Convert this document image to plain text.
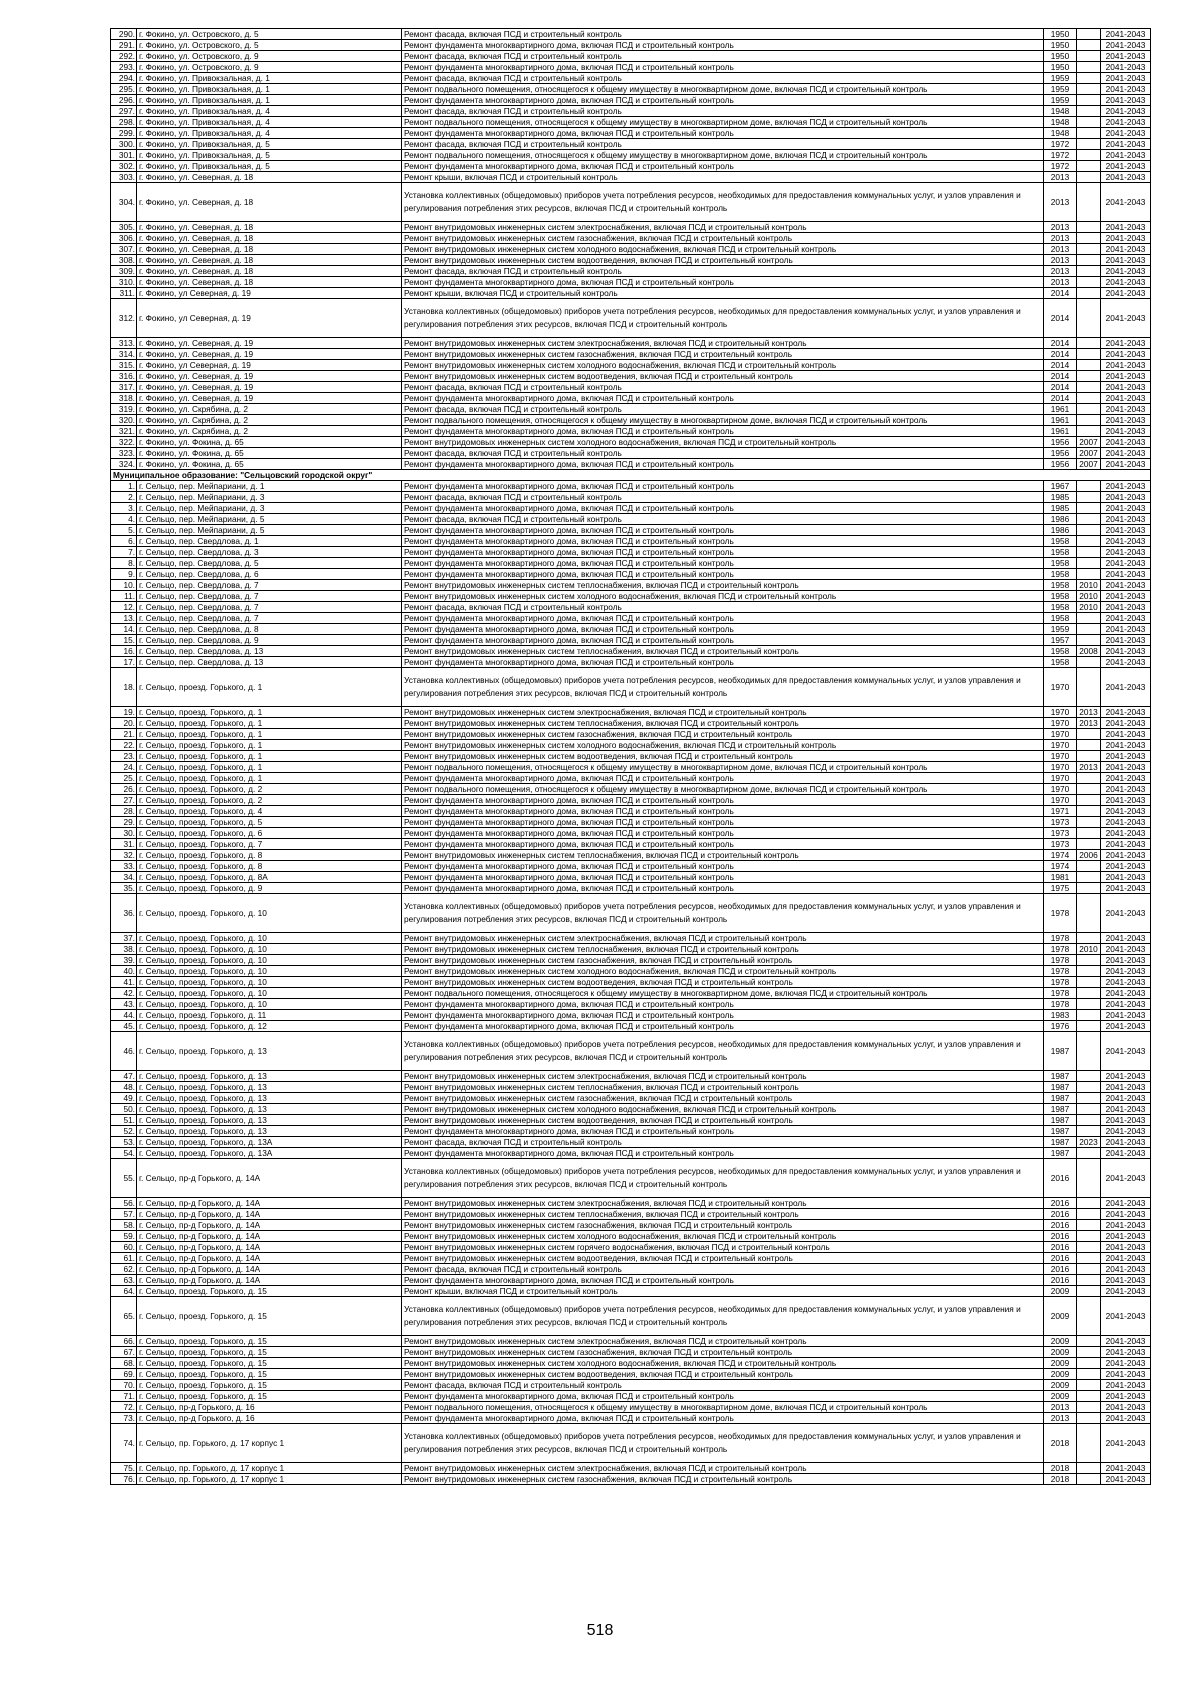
290.	г. Фокино, ул. Островского, д. 5	Ремонт фасада, включая ПСД и строительный контроль	1950		2041-2043
291.	г. Фокино, ул. Островского, д. 5	Ремонт фундамента многоквартирного дома, включая ПСД и строительный контроль	1950		2041-2043
292.	г. Фокино, ул. Островского, д. 9	Ремонт фасада, включая ПСД и строительный контроль	1950		2041-2043
293.	г. Фокино, ул. Островского, д. 9	Ремонт фундамента многоквартирного дома, включая ПСД и строительный контроль	1950		2041-2043
294.	г. Фокино, ул. Привокзальная, д. 1	Ремонт фасада, включая ПСД и строительный контроль	1959		2041-2043
295.	г. Фокино, ул. Привокзальная, д. 1	Ремонт подвального помещения, относящегося к общему имуществу в многоквартирном доме, включая ПСД и строительный контроль	1959		2041-2043
296.	г. Фокино, ул. Привокзальная, д. 1	Ремонт фундамента многоквартирного дома, включая ПСД и строительный контроль	1959		2041-2043
297.	г. Фокино, ул. Привокзальная, д. 4	Ремонт фасада, включая ПСД и строительный контроль	1948		2041-2043
298.	г. Фокино, ул. Привокзальная, д. 4	Ремонт подвального помещения, относящегося к общему имуществу в многоквартирном доме, включая ПСД и строительный контроль	1948		2041-2043
299.	г. Фокино, ул. Привокзальная, д. 4	Ремонт фундамента многоквартирного дома, включая ПСД и строительный контроль	1948		2041-2043
300.	г. Фокино, ул. Привокзальная, д. 5	Ремонт фасада, включая ПСД и строительный контроль	1972		2041-2043
301.	г. Фокино, ул. Привокзальная, д. 5	Ремонт подвального помещения, относящегося к общему имуществу в многоквартирном доме, включая ПСД и строительный контроль	1972		2041-2043
302.	г. Фокино, ул. Привокзальная, д. 5	Ремонт фундамента многоквартирного дома, включая ПСД и строительный контроль	1972		2041-2043
303.	г. Фокино, ул. Северная, д. 18	Ремонт крыши, включая ПСД и строительный контроль	2013		2041-2043
304.	г. Фокино, ул. Северная, д. 18	Установка коллективных (общедомовых) приборов учета потребления ресурсов, необходимых для предоставления коммунальных услуг, и узлов управления и регулирования потребления этих ресурсов, включая ПСД и строительный контроль	2013		2041-2043
305.	г. Фокино, ул. Северная, д. 18	Ремонт внутридомовых инженерных систем электроснабжения, включая ПСД и строительный контроль	2013		2041-2043
306.	г. Фокино, ул. Северная, д. 18	Ремонт внутридомовых инженерных систем газоснабжения, включая ПСД и строительный контроль	2013		2041-2043
307.	г. Фокино, ул. Северная, д. 18	Ремонт внутридомовых инженерных систем холодного водоснабжения, включая ПСД и строительный контроль	2013		2041-2043
308.	г. Фокино, ул. Северная, д. 18	Ремонт внутридомовых инженерных систем водоотведения, включая ПСД и строительный контроль	2013		2041-2043
309.	г. Фокино, ул. Северная, д. 18	Ремонт фасада, включая ПСД и строительный контроль	2013		2041-2043
310.	г. Фокино, ул. Северная, д. 18	Ремонт фундамента многоквартирного дома, включая ПСД и строительный контроль	2013		2041-2043
311.	г. Фокино, ул Северная, д. 19	Ремонт крыши, включая ПСД и строительный контроль	2014		2041-2043
312.	г. Фокино, ул Северная, д. 19	Установка коллективных (общедомовых) приборов учета потребления ресурсов, необходимых для предоставления коммунальных услуг, и узлов управления и регулирования потребления этих ресурсов, включая ПСД и строительный контроль	2014		2041-2043
313.	г. Фокино, ул. Северная, д. 19	Ремонт внутридомовых инженерных систем электроснабжения, включая ПСД и строительный контроль	2014		2041-2043
314.	г. Фокино, ул. Северная, д. 19	Ремонт внутридомовых инженерных систем газоснабжения, включая ПСД и строительный контроль	2014		2041-2043
315.	г. Фокино, ул Северная, д. 19	Ремонт внутридомовых инженерных систем холодного водоснабжения, включая ПСД и строительный контроль	2014		2041-2043
316.	г. Фокино, ул. Северная, д. 19	Ремонт внутридомовых инженерных систем водоотведения, включая ПСД и строительный контроль	2014		2041-2043
317.	г. Фокино, ул. Северная, д. 19	Ремонт фасада, включая ПСД и строительный контроль	2014		2041-2043
318.	г. Фокино, ул. Северная, д. 19	Ремонт фундамента многоквартирного дома, включая ПСД и строительный контроль	2014		2041-2043
319.	г. Фокино, ул. Скрябина, д. 2	Ремонт фасада, включая ПСД и строительный контроль	1961		2041-2043
320.	г. Фокино, ул. Скрябина, д. 2	Ремонт подвального помещения, относящегося к общему имуществу в многоквартирном доме, включая ПСД и строительный контроль	1961		2041-2043
321.	г. Фокино, ул. Скрябина, д. 2	Ремонт фундамента многоквартирного дома, включая ПСД и строительный контроль	1961		2041-2043
322.	г. Фокино, ул. Фокина, д. 65	Ремонт внутридомовых инженерных систем холодного водоснабжения, включая ПСД и строительный контроль	1956	2007	2041-2043
323.	г. Фокино, ул. Фокина, д. 65	Ремонт фасада, включая ПСД и строительный контроль	1956	2007	2041-2043
324.	г. Фокино, ул. Фокина, д. 65	Ремонт фундамента многоквартирного дома, включая ПСД и строительный контроль	1956	2007	2041-2043
Муниципальное образование: "Сельцовский городской округ"					
1.	г. Сельцо, пер. Мейпариани, д. 1	Ремонт фундамента многоквартирного дома, включая ПСД и строительный контроль	1967		2041-2043
2.	г. Сельцо, пер. Мейпариани, д. 3	Ремонт фасада, включая ПСД и строительный контроль	1985		2041-2043
3.	г. Сельцо, пер. Мейпариани, д. 3	Ремонт фундамента многоквартирного дома, включая ПСД и строительный контроль	1985		2041-2043
4.	г. Сельцо, пер. Мейпариани, д. 5	Ремонт фасада, включая ПСД и строительный контроль	1986		2041-2043
5.	г. Сельцо, пер. Мейпариани, д. 5	Ремонт фундамента многоквартирного дома, включая ПСД и строительный контроль	1986		2041-2043
6.	г. Сельцо, пер. Свердлова, д. 1	Ремонт фундамента многоквартирного дома, включая ПСД и строительный контроль	1958		2041-2043
7.	г. Сельцо, пер. Свердлова, д. 3	Ремонт фундамента многоквартирного дома, включая ПСД и строительный контроль	1958		2041-2043
8.	г. Сельцо, пер. Свердлова, д. 5	Ремонт фундамента многоквартирного дома, включая ПСД и строительный контроль	1958		2041-2043
9.	г. Сельцо, пер. Свердлова, д. 6	Ремонт фундамента многоквартирного дома, включая ПСД и строительный контроль	1958		2041-2043
10.	г. Сельцо, пер. Свердлова, д. 7	Ремонт внутридомовых инженерных систем теплоснабжения, включая ПСД и строительный контроль	1958	2010	2041-2043
11.	г. Сельцо, пер. Свердлова, д. 7	Ремонт внутридомовых инженерных систем холодного водоснабжения, включая ПСД и строительный контроль	1958	2010	2041-2043
12.	г. Сельцо, пер. Свердлова, д. 7	Ремонт фасада, включая ПСД и строительный контроль	1958	2010	2041-2043
13.	г. Сельцо, пер. Свердлова, д. 7	Ремонт фундамента многоквартирного дома, включая ПСД и строительный контроль	1958		2041-2043
14.	г. Сельцо, пер. Свердлова, д. 8	Ремонт фундамента многоквартирного дома, включая ПСД и строительный контроль	1959		2041-2043
15.	г. Сельцо, пер. Свердлова, д. 9	Ремонт фундамента многоквартирного дома, включая ПСД и строительный контроль	1957		2041-2043
16.	г. Сельцо, пер. Свердлова, д. 13	Ремонт внутридомовых инженерных систем теплоснабжения, включая ПСД и строительный контроль	1958	2008	2041-2043
17.	г. Сельцо, пер. Свердлова, д. 13	Ремонт фундамента многоквартирного дома, включая ПСД и строительный контроль	1958		2041-2043
18.	г. Сельцо, проезд. Горького, д. 1	Установка коллективных (общедомовых) приборов учета потребления ресурсов, необходимых для предоставления коммунальных услуг, и узлов управления и регулирования потребления этих ресурсов, включая ПСД и строительный контроль	1970		2041-2043
19.	г. Сельцо, проезд. Горького, д. 1	Ремонт внутридомовых инженерных систем электроснабжения, включая ПСД и строительный контроль	1970	2013	2041-2043
20.	г. Сельцо, проезд. Горького, д. 1	Ремонт внутридомовых инженерных систем теплоснабжения, включая ПСД и строительный контроль	1970	2013	2041-2043
21.	г. Сельцо, проезд. Горького, д. 1	Ремонт внутридомовых инженерных систем газоснабжения, включая ПСД и строительный контроль	1970		2041-2043
22.	г. Сельцо, проезд. Горького, д. 1	Ремонт внутридомовых инженерных систем холодного водоснабжения, включая ПСД и строительный контроль	1970		2041-2043
23.	г. Сельцо, проезд. Горького, д. 1	Ремонт внутридомовых инженерных систем водоотведения, включая ПСД и строительный контроль	1970		2041-2043
24.	г. Сельцо, проезд. Горького, д. 1	Ремонт подвального помещения, относящегося к общему имуществу в многоквартирном доме, включая ПСД и строительный контроль	1970	2013	2041-2043
25.	г. Сельцо, проезд. Горького, д. 1	Ремонт фундамента многоквартирного дома, включая ПСД и строительный контроль	1970		2041-2043
26.	г. Сельцо, проезд. Горького, д. 2	Ремонт подвального помещения, относящегося к общему имуществу в многоквартирном доме, включая ПСД и строительный контроль	1970		2041-2043
27.	г. Сельцо, проезд. Горького, д. 2	Ремонт фундамента многоквартирного дома, включая ПСД и строительный контроль	1970		2041-2043
28.	г. Сельцо, проезд. Горького, д. 4	Ремонт фундамента многоквартирного дома, включая ПСД и строительный контроль	1971		2041-2043
29.	г. Сельцо, проезд. Горького, д. 5	Ремонт фундамента многоквартирного дома, включая ПСД и строительный контроль	1973		2041-2043
30.	г. Сельцо, проезд. Горького, д. 6	Ремонт фундамента многоквартирного дома, включая ПСД и строительный контроль	1973		2041-2043
31.	г. Сельцо, проезд. Горького, д. 7	Ремонт фундамента многоквартирного дома, включая ПСД и строительный контроль	1973		2041-2043
32.	г. Сельцо, проезд. Горького, д. 8	Ремонт внутридомовых инженерных систем теплоснабжения, включая ПСД и строительный контроль	1974	2006	2041-2043
33.	г. Сельцо, проезд. Горького, д. 8	Ремонт фундамента многоквартирного дома, включая ПСД и строительный контроль	1974		2041-2043
34.	г. Сельцо, проезд. Горького, д. 8А	Ремонт фундамента многоквартирного дома, включая ПСД и строительный контроль	1981		2041-2043
35.	г. Сельцо, проезд. Горького, д. 9	Ремонт фундамента многоквартирного дома, включая ПСД и строительный контроль	1975		2041-2043
36.	г. Сельцо, проезд. Горького, д. 10	Установка коллективных (общедомовых) приборов учета потребления ресурсов, необходимых для предоставления коммунальных услуг, и узлов управления и регулирования потребления этих ресурсов, включая ПСД и строительный контроль	1978		2041-2043
37.	г. Сельцо, проезд. Горького, д. 10	Ремонт внутридомовых инженерных систем электроснабжения, включая ПСД и строительный контроль	1978		2041-2043
38.	г. Сельцо, проезд. Горького, д. 10	Ремонт внутридомовых инженерных систем теплоснабжения, включая ПСД и строительный контроль	1978	2010	2041-2043
39.	г. Сельцо, проезд. Горького, д. 10	Ремонт внутридомовых инженерных систем газоснабжения, включая ПСД и строительный контроль	1978		2041-2043
40.	г. Сельцо, проезд. Горького, д. 10	Ремонт внутридомовых инженерных систем холодного водоснабжения, включая ПСД и строительный контроль	1978		2041-2043
41.	г. Сельцо, проезд. Горького, д. 10	Ремонт внутридомовых инженерных систем водоотведения, включая ПСД и строительный контроль	1978		2041-2043
42.	г. Сельцо, проезд. Горького, д. 10	Ремонт подвального помещения, относящегося к общему имуществу в многоквартирном доме, включая ПСД и строительный контроль	1978		2041-2043
43.	г. Сельцо, проезд. Горького, д. 10	Ремонт фундамента многоквартирного дома, включая ПСД и строительный контроль	1978		2041-2043
44.	г. Сельцо, проезд. Горького, д. 11	Ремонт фундамента многоквартирного дома, включая ПСД и строительный контроль	1983		2041-2043
45.	г. Сельцо, проезд. Горького, д. 12	Ремонт фундамента многоквартирного дома, включая ПСД и строительный контроль	1976		2041-2043
46.	г. Сельцо, проезд. Горького, д. 13	Установка коллективных (общедомовых) приборов учета потребления ресурсов, необходимых для предоставления коммунальных услуг, и узлов управления и регулирования потребления этих ресурсов, включая ПСД и строительный контроль	1987		2041-2043
47.	г. Сельцо, проезд. Горького, д. 13	Ремонт внутридомовых инженерных систем электроснабжения, включая ПСД и строительный контроль	1987		2041-2043
48.	г. Сельцо, проезд. Горького, д. 13	Ремонт внутридомовых инженерных систем теплоснабжения, включая ПСД и строительный контроль	1987		2041-2043
49.	г. Сельцо, проезд. Горького, д. 13	Ремонт внутридомовых инженерных систем газоснабжения, включая ПСД и строительный контроль	1987		2041-2043
50.	г. Сельцо, проезд. Горького, д. 13	Ремонт внутридомовых инженерных систем холодного водоснабжения, включая ПСД и строительный контроль	1987		2041-2043
51.	г. Сельцо, проезд. Горького, д. 13	Ремонт внутридомовых инженерных систем водоотведения, включая ПСД и строительный контроль	1987		2041-2043
52.	г. Сельцо, проезд. Горького, д. 13	Ремонт фундамента многоквартирного дома, включая ПСД и строительный контроль	1987		2041-2043
53.	г. Сельцо, проезд. Горького, д. 13А	Ремонт фасада, включая ПСД и строительный контроль	1987	2023	2041-2043
54.	г. Сельцо, проезд. Горького, д. 13А	Ремонт фундамента многоквартирного дома, включая ПСД и строительный контроль	1987		2041-2043
55.	г. Сельцо, пр-д Горького, д. 14А	Установка коллективных (общедомовых) приборов учета потребления ресурсов, необходимых для предоставления коммунальных услуг, и узлов управления и регулирования потребления этих ресурсов, включая ПСД и строительный контроль	2016		2041-2043
56.	г. Сельцо, пр-д Горького, д. 14А	Ремонт внутридомовых инженерных систем электроснабжения, включая ПСД и строительный контроль	2016		2041-2043
57.	г. Сельцо, пр-д Горького, д. 14А	Ремонт внутридомовых инженерных систем теплоснабжения, включая ПСД и строительный контроль	2016		2041-2043
58.	г. Сельцо, пр-д Горького, д. 14А	Ремонт внутридомовых инженерных систем газоснабжения, включая ПСД и строительный контроль	2016		2041-2043
59.	г. Сельцо, пр-д Горького, д. 14А	Ремонт внутридомовых инженерных систем холодного водоснабжения, включая ПСД и строительный контроль	2016		2041-2043
60.	г. Сельцо, пр-д Горького, д. 14А	Ремонт внутридомовых инженерных систем горячего водоснабжения, включая ПСД и строительный контроль	2016		2041-2043
61.	г. Сельцо, пр-д Горького, д. 14А	Ремонт внутридомовых инженерных систем водоотведения, включая ПСД и строительный контроль	2016		2041-2043
62.	г. Сельцо, пр-д Горького, д. 14А	Ремонт фасада, включая ПСД и строительный контроль	2016		2041-2043
63.	г. Сельцо, пр-д Горького, д. 14А	Ремонт фундамента многоквартирного дома, включая ПСД и строительный контроль	2016		2041-2043
64.	г. Сельцо, проезд. Горького, д. 15	Ремонт крыши, включая ПСД и строительный контроль	2009		2041-2043
65.	г. Сельцо, проезд. Горького, д. 15	Установка коллективных (общедомовых) приборов учета потребления ресурсов, необходимых для предоставления коммунальных услуг, и узлов управления и регулирования потребления этих ресурсов, включая ПСД и строительный контроль	2009		2041-2043
66.	г. Сельцо, проезд. Горького, д. 15	Ремонт внутридомовых инженерных систем электроснабжения, включая ПСД и строительный контроль	2009		2041-2043
67.	г. Сельцо, проезд. Горького, д. 15	Ремонт внутридомовых инженерных систем газоснабжения, включая ПСД и строительный контроль	2009		2041-2043
68.	г. Сельцо, проезд. Горького, д. 15	Ремонт внутридомовых инженерных систем холодного водоснабжения, включая ПСД и строительный контроль	2009		2041-2043
69.	г. Сельцо, проезд. Горького, д. 15	Ремонт внутридомовых инженерных систем водоотведения, включая ПСД и строительный контроль	2009		2041-2043
70.	г. Сельцо, проезд. Горького, д. 15	Ремонт фасада, включая ПСД и строительный контроль	2009		2041-2043
71.	г. Сельцо, проезд. Горького, д. 15	Ремонт фундамента многоквартирного дома, включая ПСД и строительный контроль	2009		2041-2043
72.	г. Сельцо, пр-д Горького, д. 16	Ремонт подвального помещения, относящегося к общему имуществу в многоквартирном доме, включая ПСД и строительный контроль	2013		2041-2043
73.	г. Сельцо, пр-д Горького, д. 16	Ремонт фундамента многоквартирного дома, включая ПСД и строительный контроль	2013		2041-2043
74.	г. Сельцо, пр. Горького, д. 17 корпус 1	Установка коллективных (общедомовых) приборов учета потребления ресурсов, необходимых для предоставления коммунальных услуг, и узлов управления и регулирования потребления этих ресурсов, включая ПСД и строительный контроль	2018		2041-2043
75.	г. Сельцо, пр. Горького, д. 17 корпус 1	Ремонт внутридомовых инженерных систем электроснабжения, включая ПСД и строительный контроль	2018		2041-2043
76.	г. Сельцо, пр. Горького, д. 17 корпус 1	Ремонт внутридомовых инженерных систем газоснабжения, включая ПСД и строительный контроль	2018		2041-2043
518
